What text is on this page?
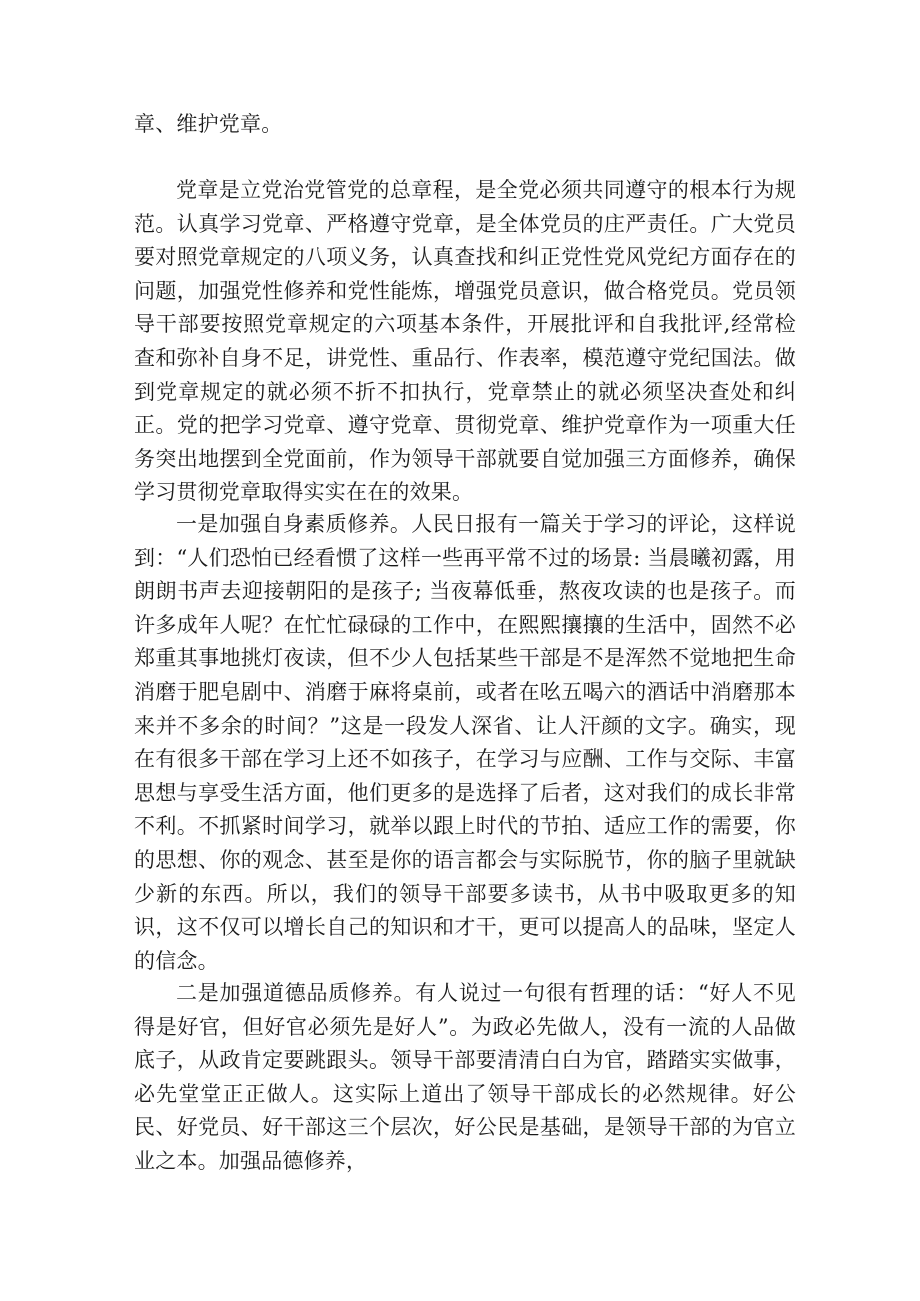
章、维护党章。

党章是立党治党管党的总章程，是全党必须共同遵守的根本行为规范。认真学习党章、严格遵守党章，是全体党员的庄严责任。广大党员要对照党章规定的八项义务，认真查找和纠正党性党风党纪方面存在的问题，加强党性修养和党性能炼，增强党员意识，做合格党员。党员领导干部要按照党章规定的六项基本条件，开展批评和自我批评,经常检查和弥补自身不足，讲党性、重品行、作表率，模范遵守党纪国法。做到党章规定的就必须不折不扣执行，党章禁止的就必须坚决查处和纠正。党的把学习党章、遵守党章、贯彻党章、维护党章作为一项重大任务突出地摆到全党面前，作为领导干部就要自觉加强三方面修养，确保学习贯彻党章取得实实在在的效果。

一是加强自身素质修养。人民日报有一篇关于学习的评论，这样说到：“人们恐怕已经看惯了这样一些再平常不过的场景: 当晨曦初露，用朗朗书声去迎接朝阳的是孩子; 当夜幕低垂，熬夜攻读的也是孩子。而许多成年人呢？在忙忙碌碌的工作中，在熙熙攘攘的生活中，固然不必郑重其事地挑灯夜读，但不少人包括某些干部是不是浑然不觉地把生命消磨于肥皂剧中、消磨于麻将桌前，或者在吆五喝六的酒话中消磨那本来并不多余的时间？”这是一段发人深省、让人汗颜的文字。确实，现在有很多干部在学习上还不如孩子，在学习与应酬、工作与交际、丰富思想与享受生活方面，他们更多的是选择了后者，这对我们的成长非常不利。不抓紧时间学习，就举以跟上时代的节拍、适应工作的需要，你的思想、你的观念、甚至是你的语言都会与实际脱节，你的脑子里就缺少新的东西。所以，我们的领导干部要多读书，从书中吸取更多的知识，这不仅可以增长自己的知识和才干，更可以提高人的品味，坚定人的信念。

二是加强道德品质修养。有人说过一句很有哲理的话：“好人不见得是好官，但好官必须先是好人”。为政必先做人，没有一流的人品做底子，从政肯定要跳跟头。领导干部要清清白白为官，踏踏实实做事，必先堂堂正正做人。这实际上道出了领导干部成长的必然规律。好公民、好党员、好干部这三个层次，好公民是基础，是领导干部的为官立业之本。加强品德修养，
